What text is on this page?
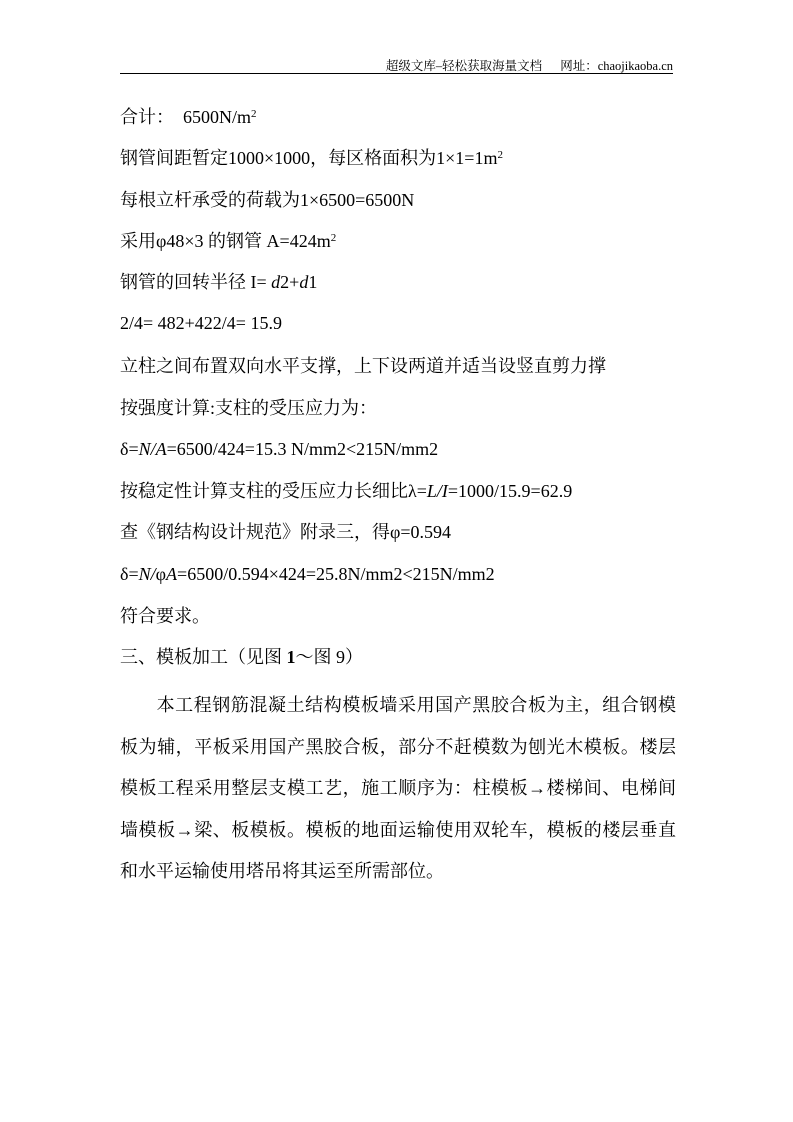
超级文库–轻松获取海量文档 网址：chaojikaoba.cn
合计：　$6500N/m^2$
钢管间距暂定1000×1000，每区格面积为$1\times 1=1m^2$
每根立杆承受的荷载为1×6500=6500N
采用φ48×3 的钢管 $A=424m^2$
钢管的回转半径 I= d2+d1
2/4= 482+422/4= 15.9
立柱之间布置双向水平支撑，上下设两道并适当设竖直剪力撑
按强度计算:支柱的受压应力为：
δ=N/A=6500/424=15.3 N/mm2<215N/mm2
按稳定性计算支柱的受压应力长细比λ=L/I=1000/15.9=62.9
查《钢结构设计规范》附录三，得φ=0.594
δ=N/φA=6500/0.594×424=25.8N/mm2<215N/mm2
符合要求。
三、模板加工（见图 1～图 9）
本工程钢筋混凝土结构模板墙采用国产黑胶合板为主，组合钢模板为辅，平板采用国产黑胶合板，部分不赶模数为刨光木模板。楼层模板工程采用整层支模工艺，施工顺序为：柱模板→楼梯间、电梯间墙模板→梁、板模板。模板的地面运输使用双轮车，模板的楼层垂直和水平运输使用塔吊将其运至所需部位。
